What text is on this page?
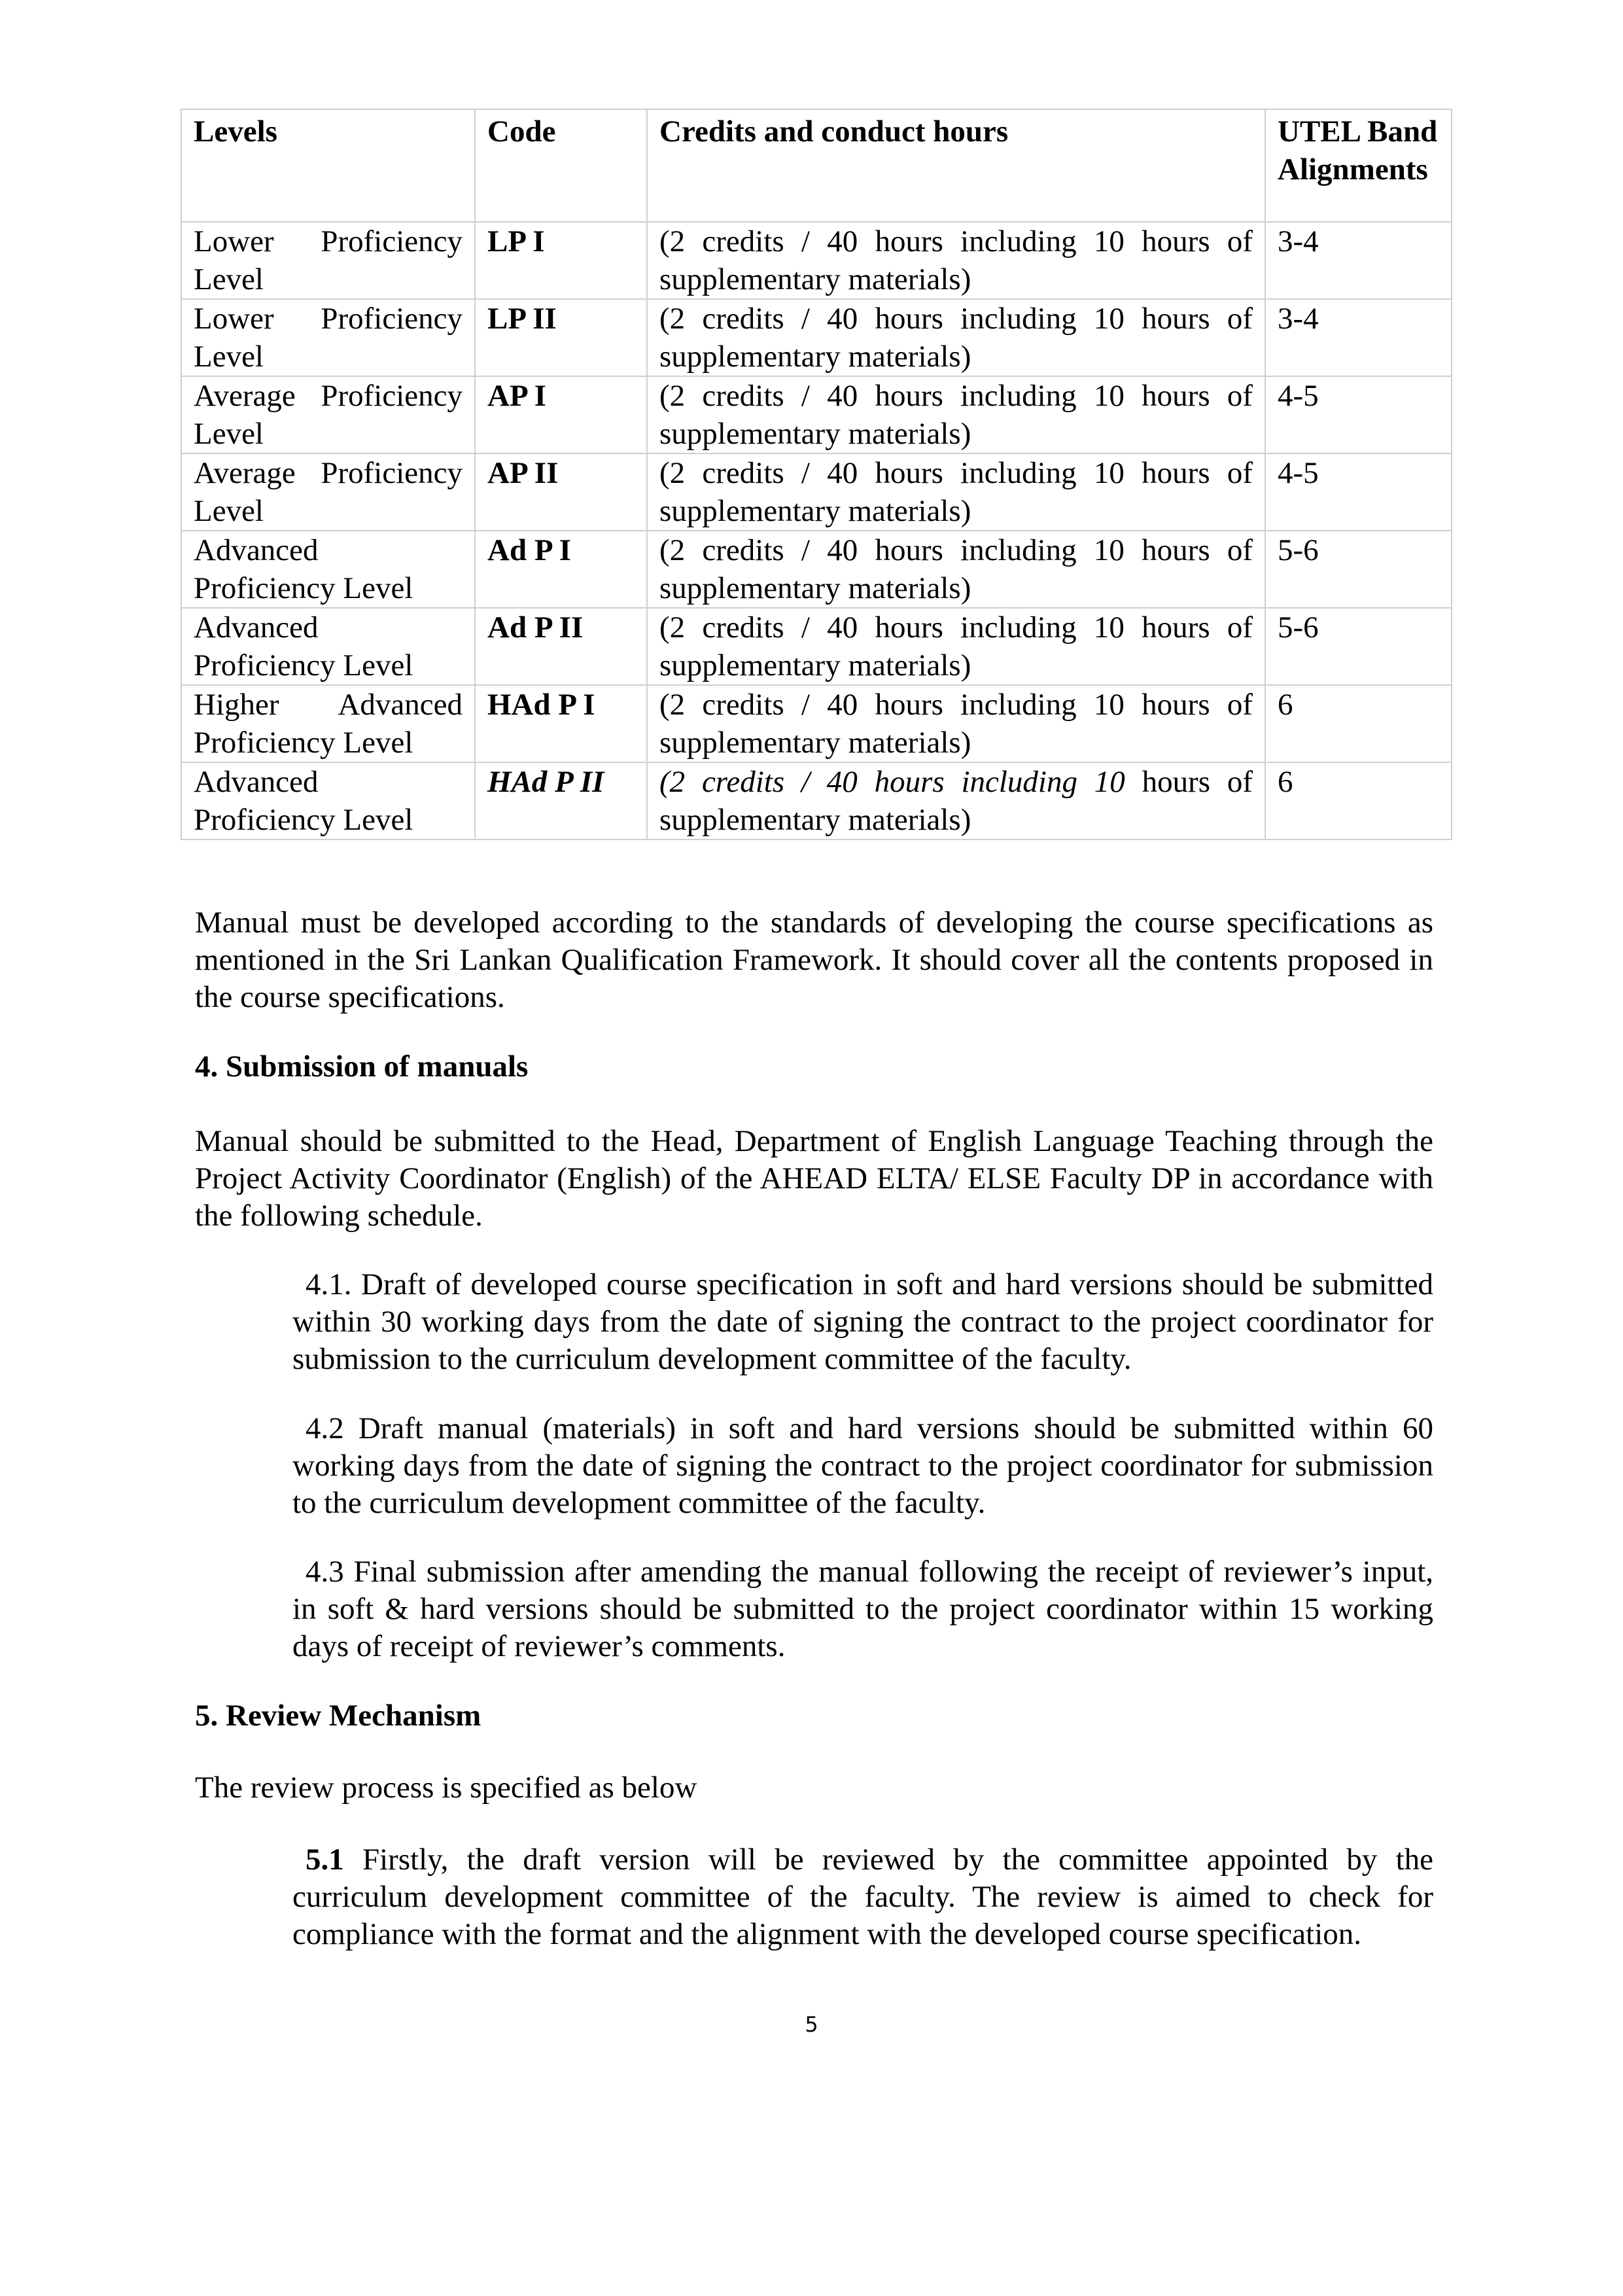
Levels	Code	Credits and conduct hours	UTEL Band Alignments
Lower Proficiency Level	LP I	(2 credits / 40 hours including 10 hours of supplementary materials)	3-4
Lower Proficiency Level	LP II	(2 credits / 40 hours including 10 hours of supplementary materials)	3-4
Average Proficiency Level	AP I	(2 credits / 40 hours including 10 hours of supplementary materials)	4-5
Average Proficiency Level	AP II	(2 credits / 40 hours including 10 hours of supplementary materials)	4-5
Advanced Proficiency Level	Ad P I	(2 credits / 40 hours including 10 hours of supplementary materials)	5-6
Advanced Proficiency Level	Ad P II	(2 credits / 40 hours including 10 hours of supplementary materials)	5-6
Higher Advanced Proficiency Level	HAd P I	(2 credits / 40 hours including 10 hours of supplementary materials)	6
Advanced Proficiency Level	HAd P II	(2 credits / 40 hours including 10 hours of supplementary materials)	6

Manual must be developed according to the standards of developing the course specifications as mentioned in the Sri Lankan Qualification Framework. It should cover all the contents proposed in the course specifications.

4. Submission of manuals

Manual should be submitted to the Head, Department of English Language Teaching through the Project Activity Coordinator (English) of the AHEAD ELTA/ ELSE Faculty DP in accordance with the following schedule.

4.1. Draft of developed course specification in soft and hard versions should be submitted within 30 working days from the date of signing the contract to the project coordinator for submission to the curriculum development committee of the faculty.

4.2 Draft manual (materials) in soft and hard versions should be submitted within 60 working days from the date of signing the contract to the project coordinator for submission to the curriculum development committee of the faculty.

4.3 Final submission after amending the manual following the receipt of reviewer’s input, in soft & hard versions should be submitted to the project coordinator within 15 working days of receipt of reviewer’s comments.

5. Review Mechanism

The review process is specified as below

5.1 Firstly, the draft version will be reviewed by the committee appointed by the curriculum development committee of the faculty. The review is aimed to check for compliance with the format and the alignment with the developed course specification.

5
